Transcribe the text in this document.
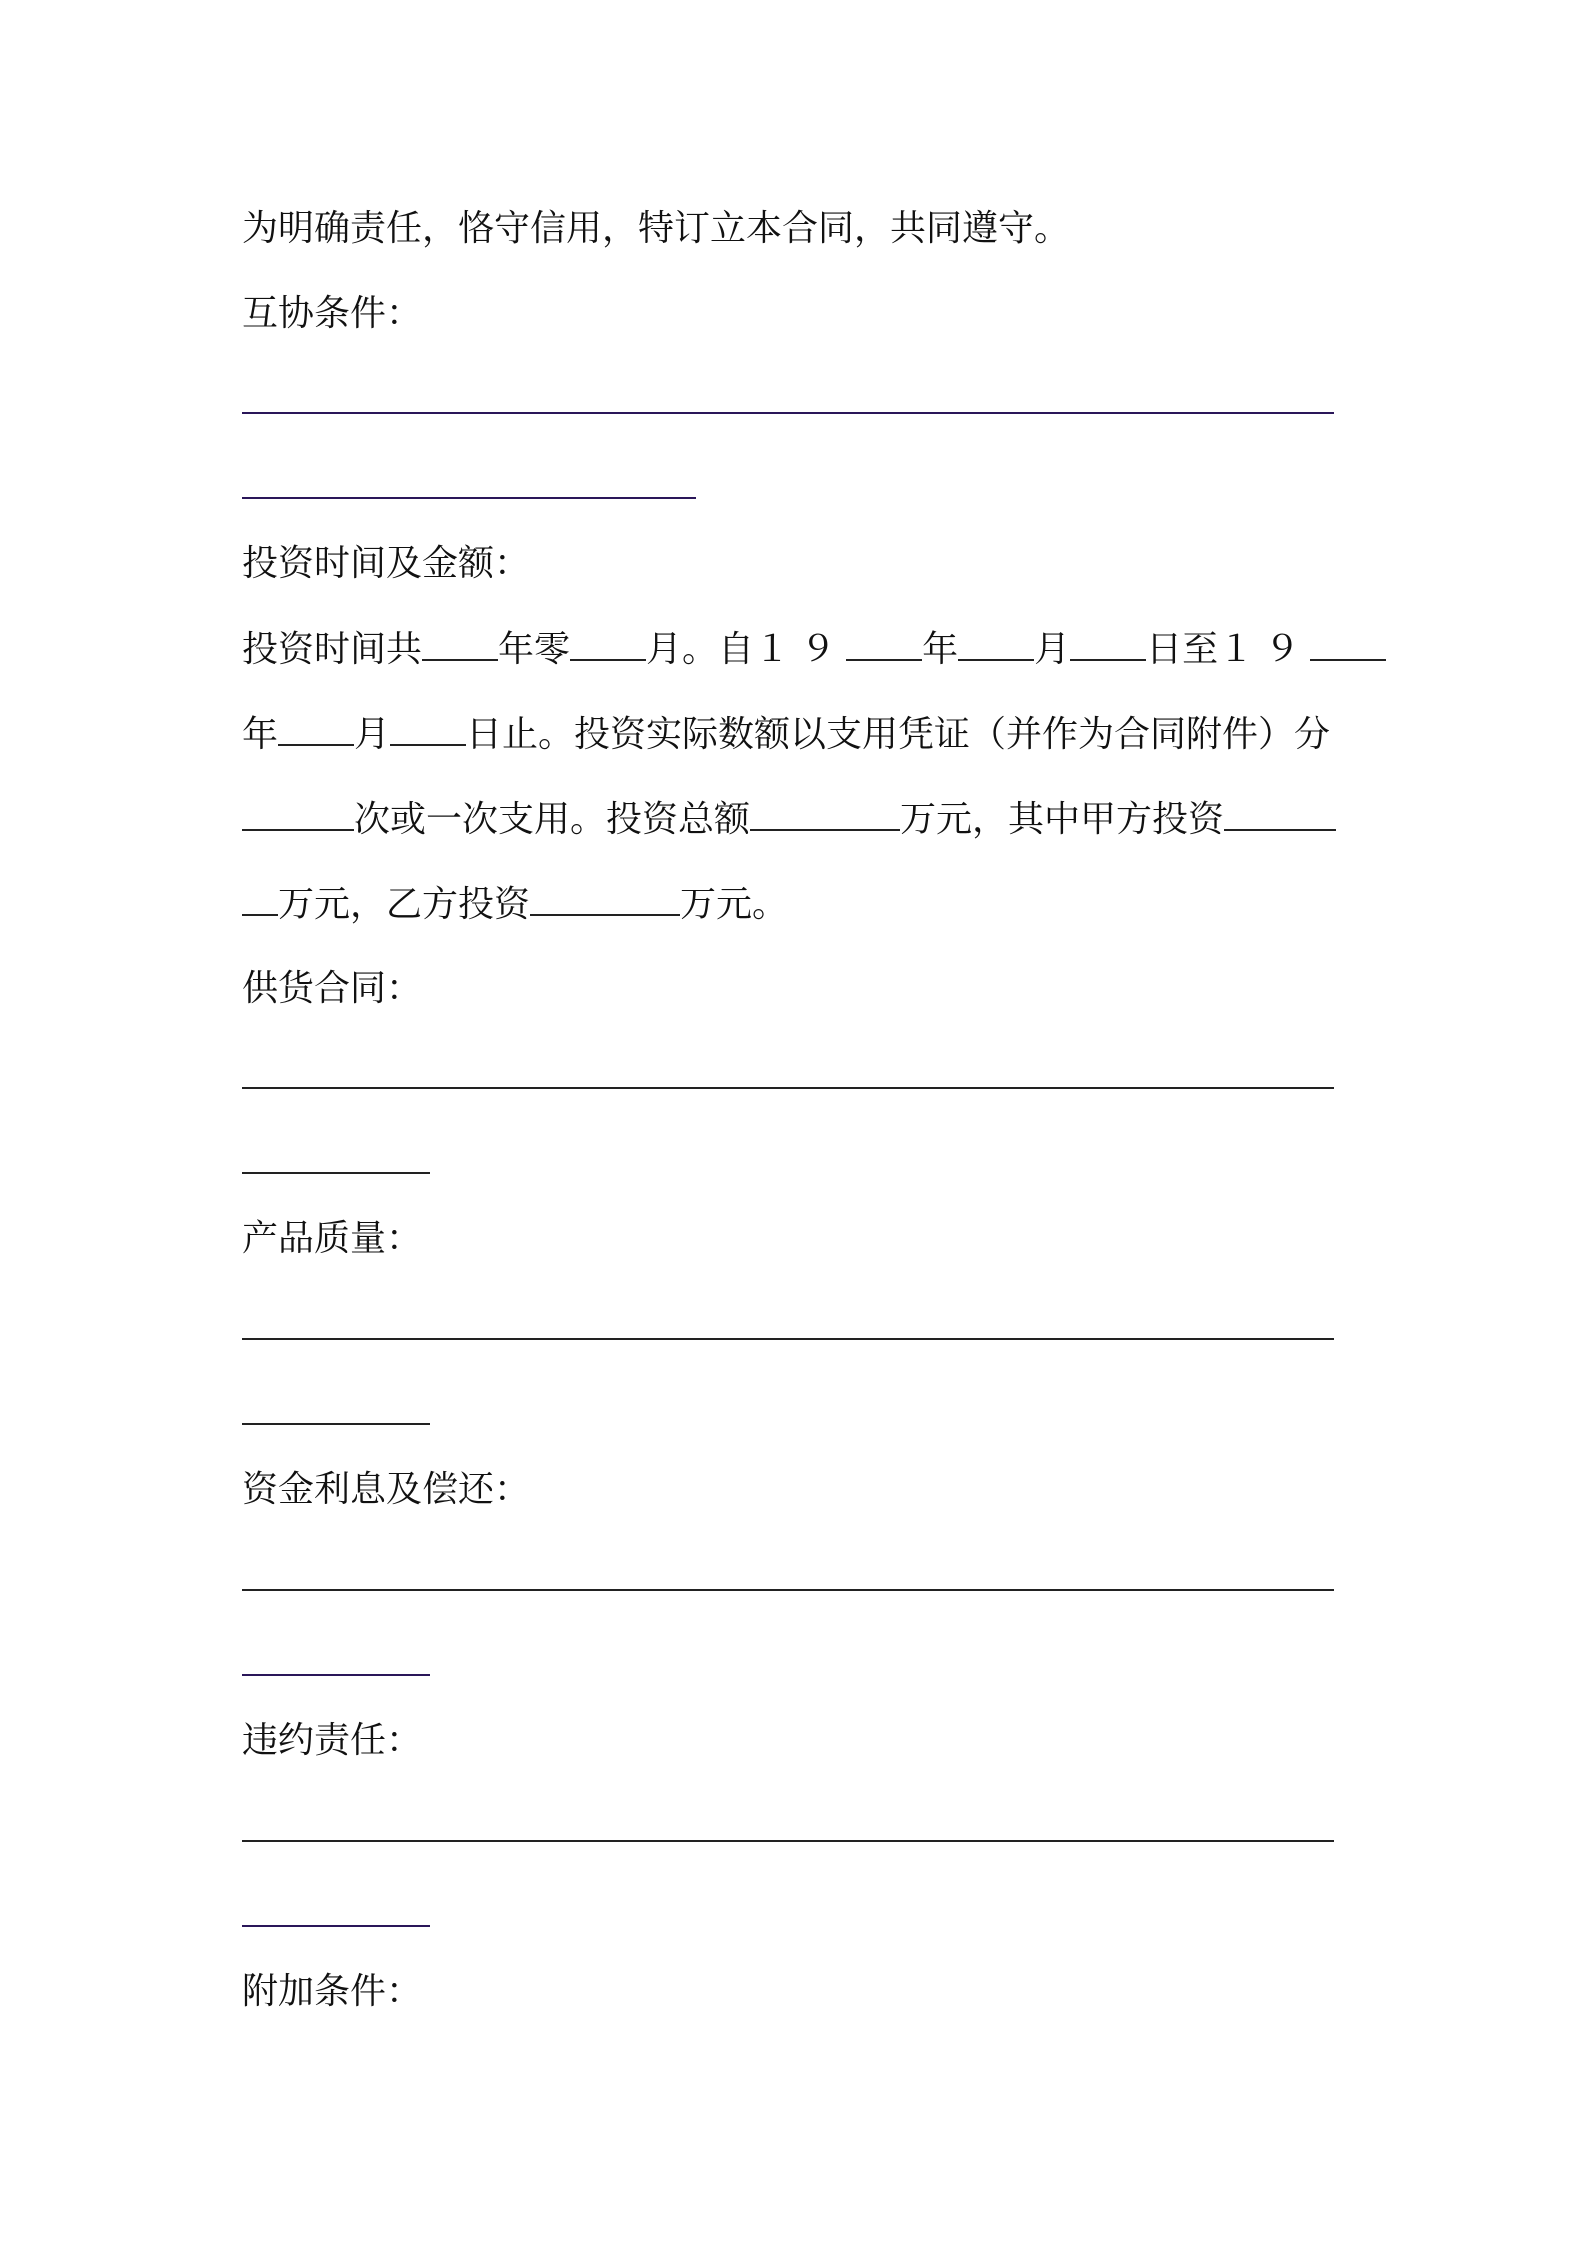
为明确责任，恪守信用，特订立本合同，共同遵守。

互协条件：

投资时间及金额：

投资时间共 年零 月。自１９ 年 月 日至１９

年 月 日止。投资实际数额以支用凭证（并作为合同附件）分

次或一次支用。投资总额	万元，其中甲方投资

万元，乙方投资	万元。

供货合同：

产品质量：

资金利息及偿还：

违约责任：

附加条件：
